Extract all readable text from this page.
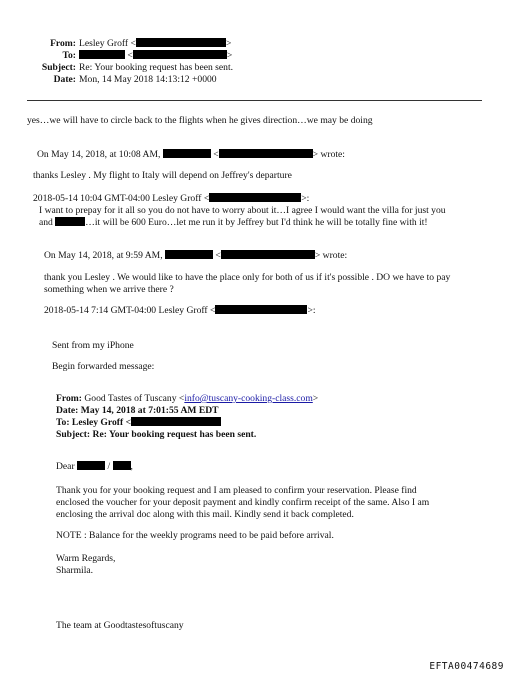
From: Lesley Groff <	>
To:	<	>
Subject: Re: Your booking request has been sent.
Date: Mon, 14 May 2018 14:13:12 +0000
yes…we will have to circle back to the flights when he gives direction…we may be doing
On May 14, 2018, at 10:08 AM,	<	> wrote:
thanks Lesley . My flight to Italy will depend on Jeffrey's departure
2018-05-14 10:04 GMT-04:00 Lesley Groff <	>:
I want to prepay for it all so you do not have to worry about it…I agree I would want the villa for just you
and	…it will be 600 Euro…let me run it by Jeffrey but I'd think he will be totally fine with it!
On May 14, 2018, at 9:59 AM,	<	> wrote:
thank you Lesley . We would like to have the place only for both of us if it's possible . DO we have to pay
something when we arrive there ?
2018-05-14 7:14 GMT-04:00 Lesley Groff <	>:
Sent from my iPhone
Begin forwarded message:
From: Good Tastes of Tuscany <info@tuscany-cooking-class.com>
Date: May 14, 2018 at 7:01:55 AM EDT
To: Lesley Groff <
Subject: Re: Your booking request has been sent.
Dear	/ ,
Thank you for your booking request and I am pleased to confirm your reservation. Please find
enclosed the voucher for your deposit payment and kindly confirm receipt of the same. Also I am
enclosing the arrival doc along with this mail. Kindly send it back completed.
NOTE : Balance for the weekly programs need to be paid before arrival.
Warm Regards,
Sharmila.
The team at Goodtastesoftuscany
EFTA00474689
